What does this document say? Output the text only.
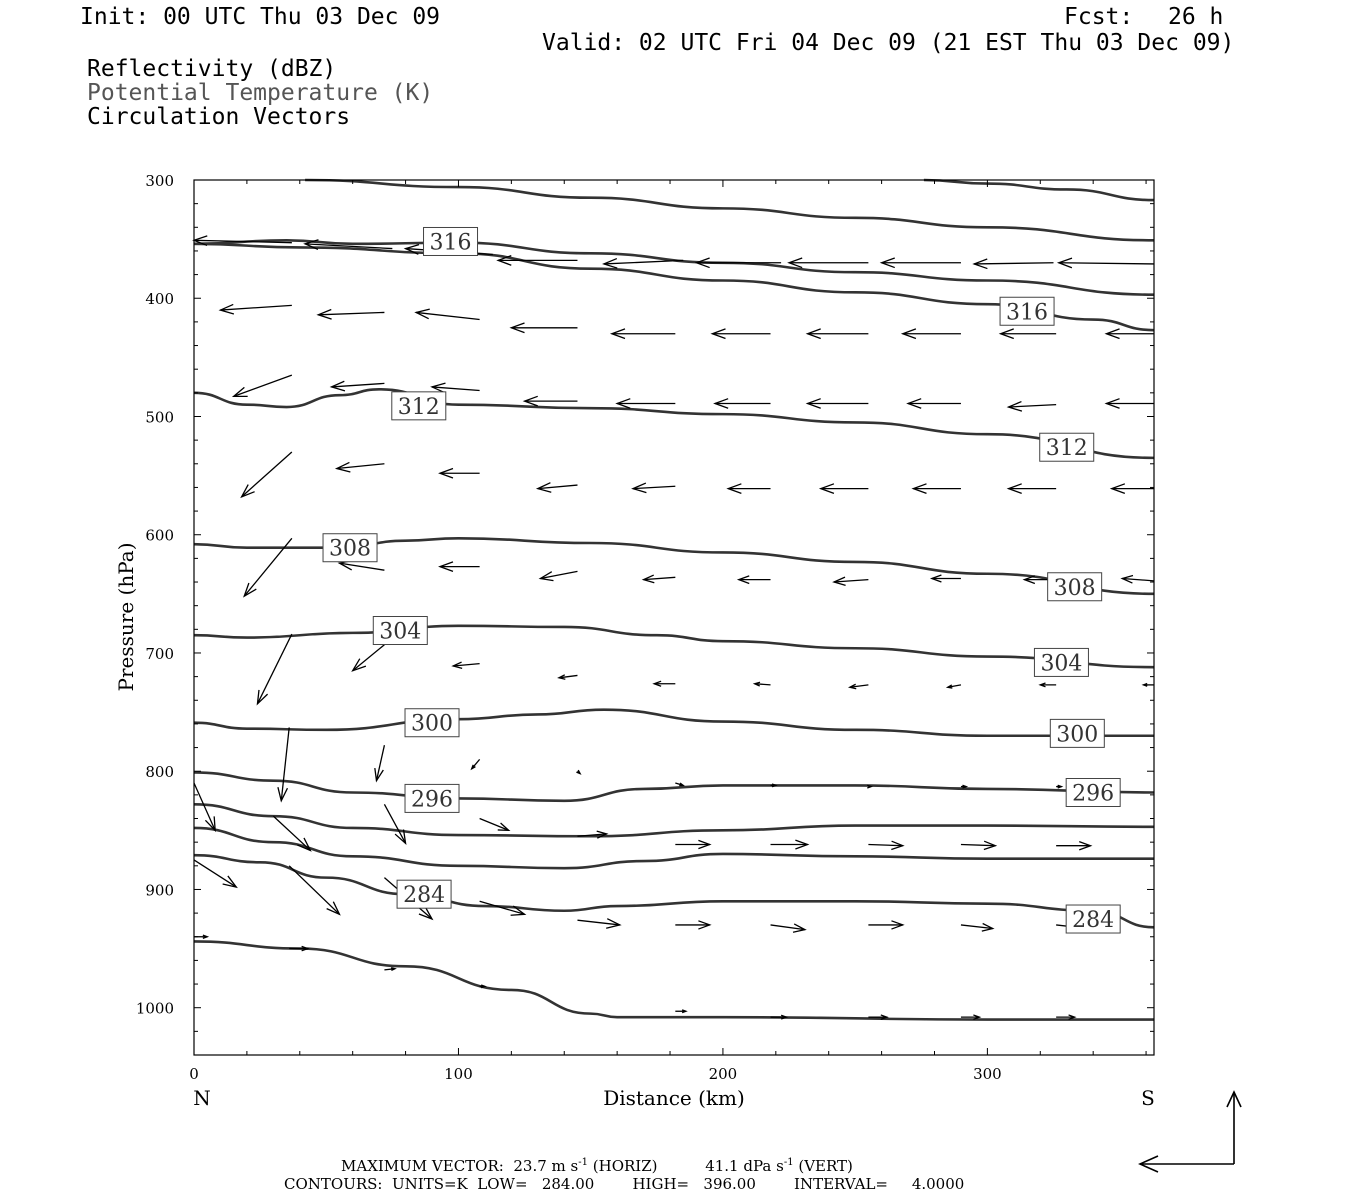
Init: 00 UTC Thu 03 Dec 09	Fcst: 26 h
Valid: 02 UTC Fri 04 Dec 09 (21 EST Thu 03 Dec 09)
Reflectivity (dBZ)
Potential Temperature (K)
Circulation Vectors
316
316
312
312
308
308
304
304
300	300
296	296
284
284
300
400
500
600
700
800
900
1000
0	100	200	300
Pressure (hPa)
Distance (km)
N	S
MAXIMUM VECTOR: 23.7 m $s^{-1}$ (HORIZ)	41.1 dPa $s^{-1}$ (VERT)
CONTOURS:  UNITS=K  LOW=   284.00        HIGH=   396.00        INTERVAL=     4.0000
